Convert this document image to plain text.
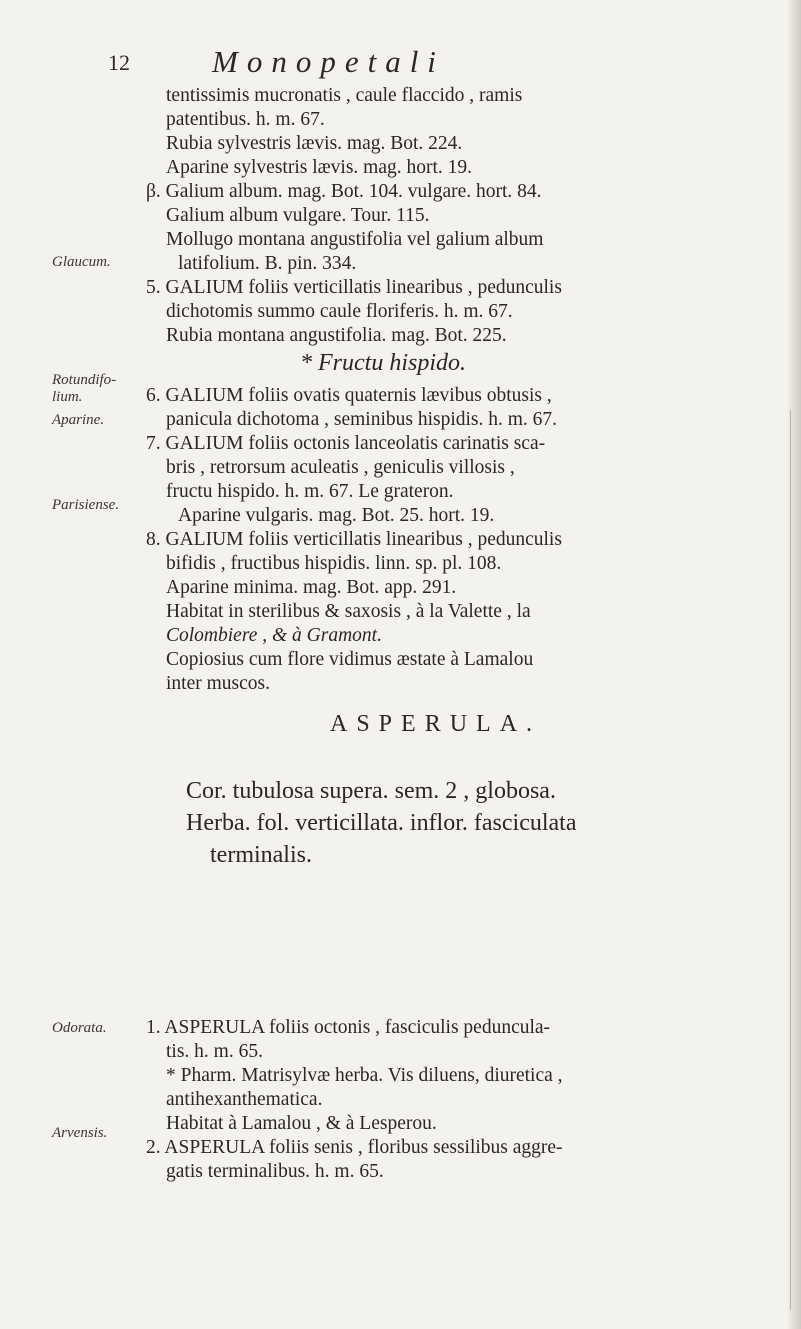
12	Monopetali
Glaucum.
Rotundifo-
lium.
Aparine.
Parisiense.
Odorata.
Arvensis.
tentissimis mucronatis , caule flaccido , ramis
patentibus. h. m. 67.
Rubia sylvestris lævis. mag. Bot. 224.
Aparine sylvestris lævis. mag. hort. 19.
β. Galium album. mag. Bot. 104. vulgare. hort. 84.
Galium album vulgare. Tour. 115.
Mollugo montana angustifolia vel galium album
latifolium. B. pin. 334.
5. GALIUM foliis verticillatis linearibus , pedunculis
dichotomis summo caule floriferis. h. m. 67.
Rubia montana angustifolia. mag. Bot. 225.
* Fructu hispido.
6. GALIUM foliis ovatis quaternis lævibus obtusis ,
panicula dichotoma , seminibus hispidis. h. m. 67.
7. GALIUM foliis octonis lanceolatis carinatis sca-
bris , retrorsum aculeatis , geniculis villosis ,
fructu hispido. h. m. 67. Le grateron.
Aparine vulgaris. mag. Bot. 25. hort. 19.
8. GALIUM foliis verticillatis linearibus , pedunculis
bifidis , fructibus hispidis. linn. sp. pl. 108.
Aparine minima. mag. Bot. app. 291.
Habitat in sterilibus & saxosis , à la Valette , la
Colombiere , & à Gramont.
Copiosius cum flore vidimus æstate à Lamalou
inter muscos.
ASPERULA.
Cor. tubulosa supera. sem. 2 , globosa.
Herba. fol. verticillata. inflor. fasciculata
terminalis.
1. ASPERULA foliis octonis , fasciculis peduncula-
tis. h. m. 65.
* Pharm. Matrisylvæ herba. Vis diluens, diuretica ,
antihexanthematica.
Habitat à Lamalou , & à Lesperou.
2. ASPERULA foliis senis , floribus sessilibus aggre-
gatis terminalibus. h. m. 65.
